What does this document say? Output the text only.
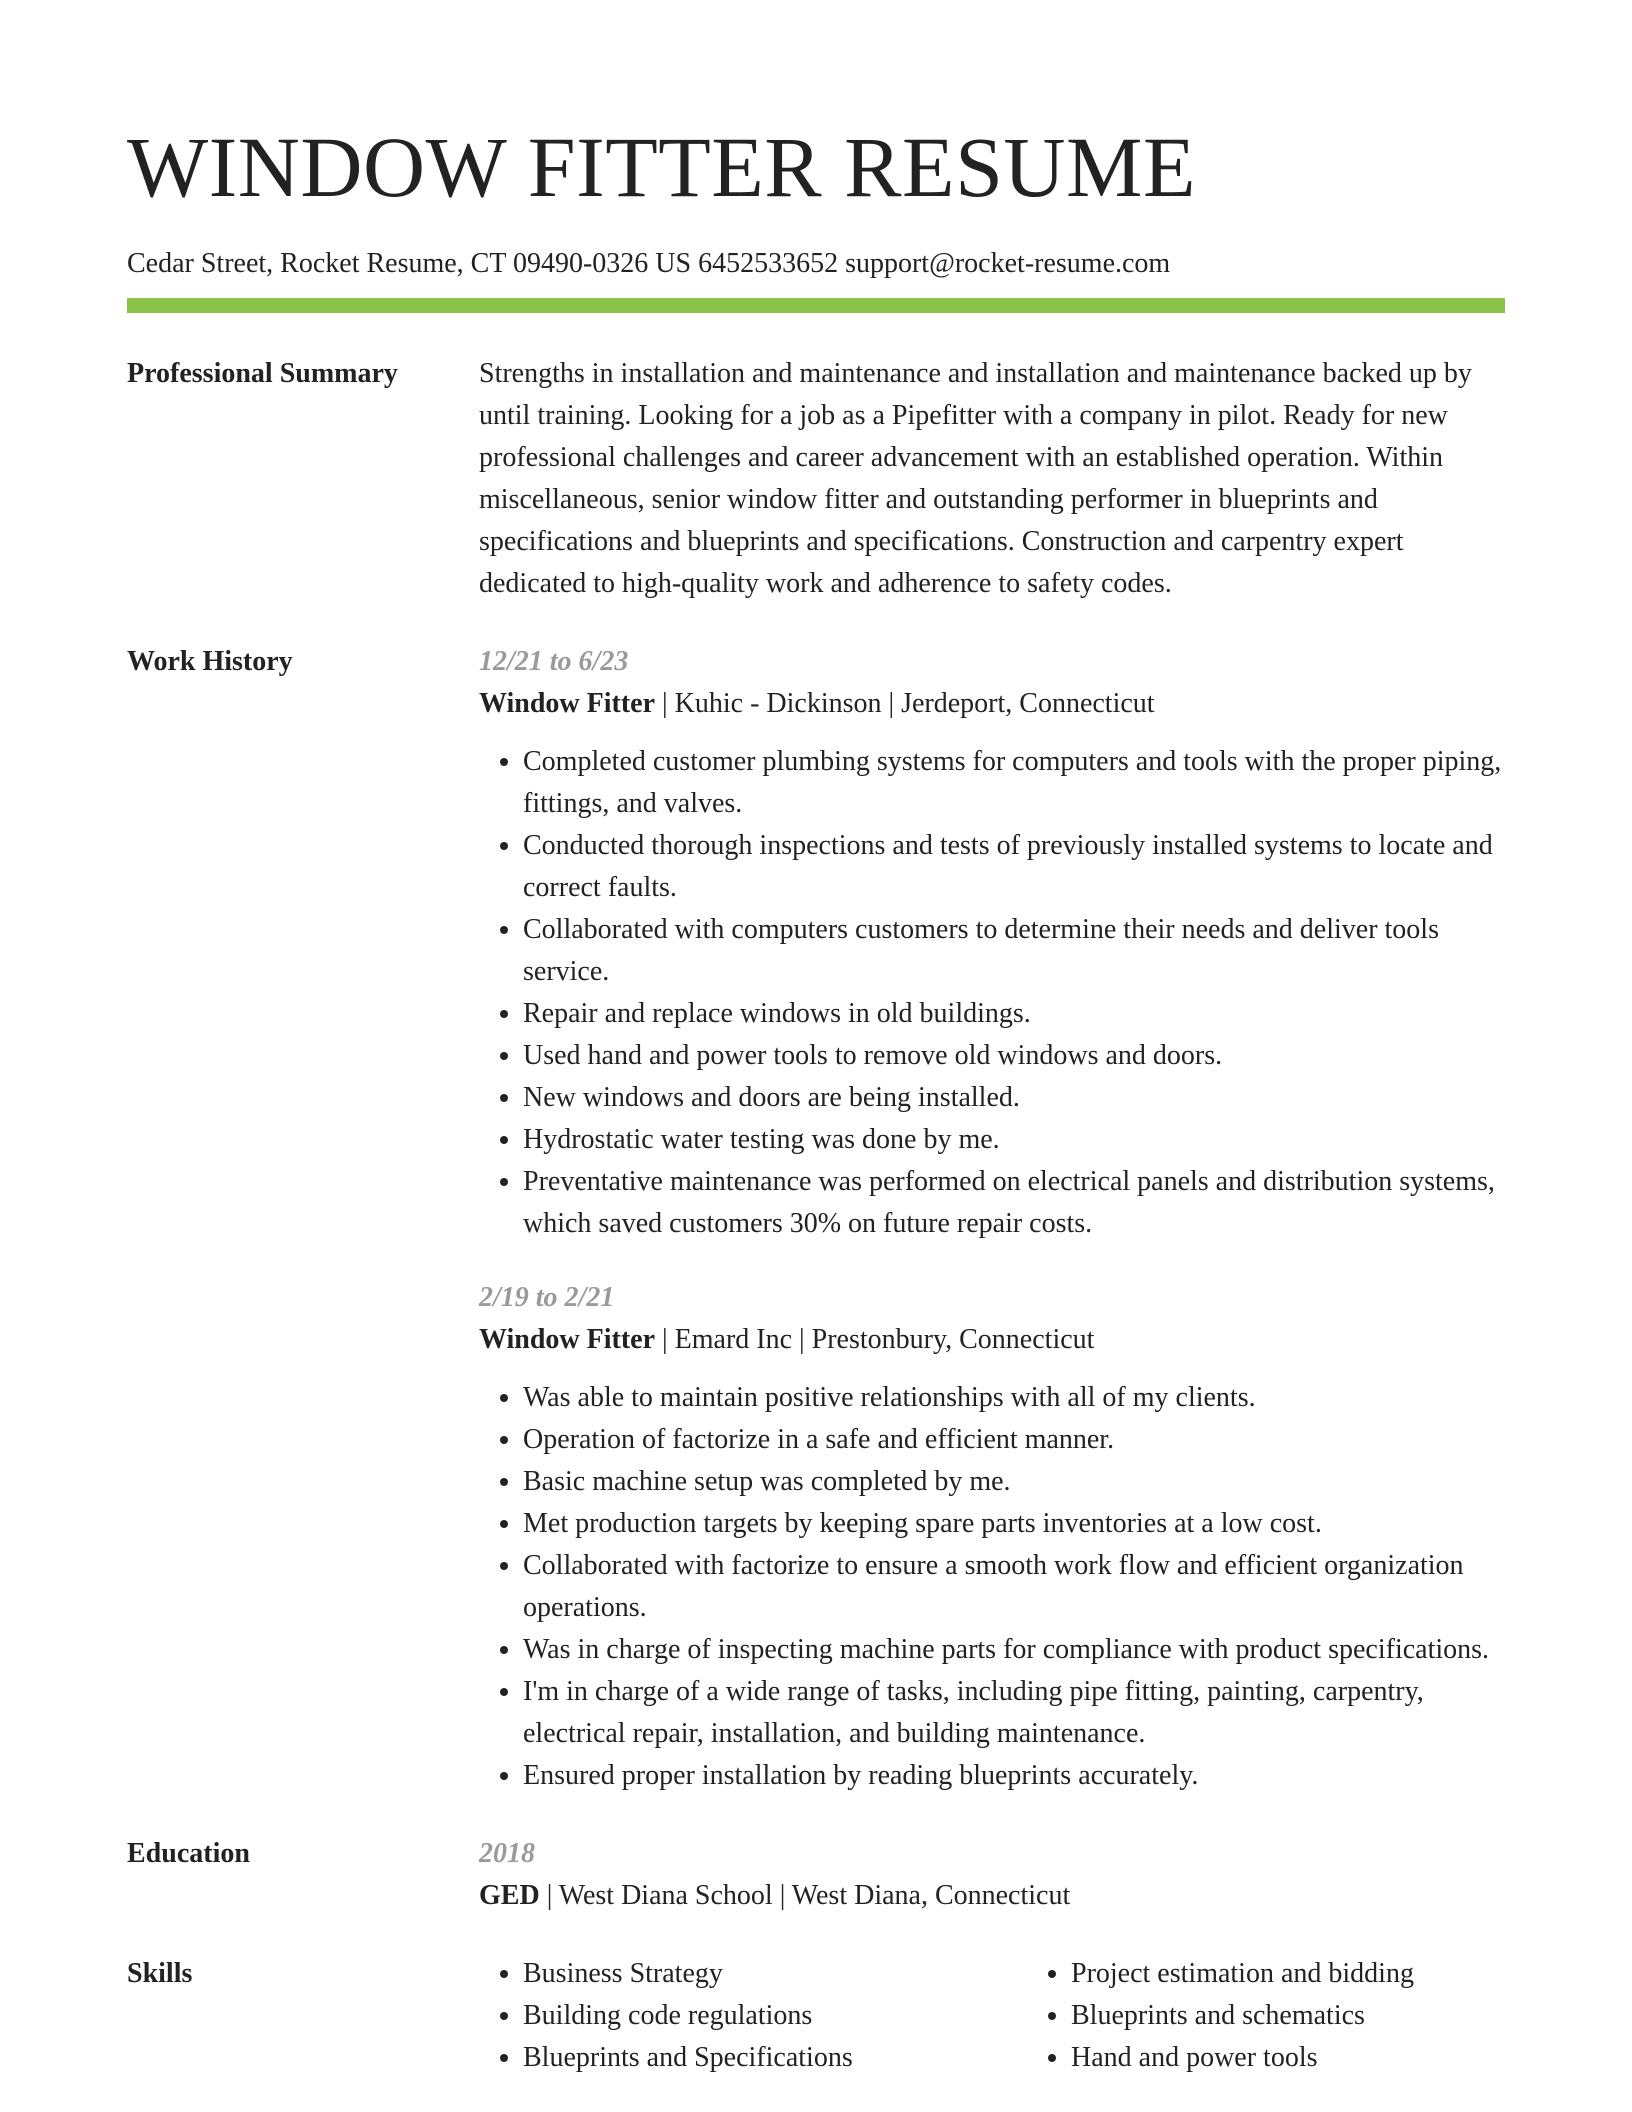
WINDOW FITTER RESUME
Cedar Street, Rocket Resume, CT 09490-0326 US 6452533652 support@rocket-resume.com
Professional Summary	Strengths in installation and maintenance and installation and maintenance backed up by until training. Looking for a job as a Pipefitter with a company in pilot. Ready for new professional challenges and career advancement with an established operation. Within miscellaneous, senior window fitter and outstanding performer in blueprints and specifications and blueprints and specifications. Construction and carpentry expert dedicated to high-quality work and adherence to safety codes.

Work History	12/21 to 6/23
Window Fitter | Kuhic - Dickinson | Jerdeport, Connecticut
• Completed customer plumbing systems for computers and tools with the proper piping, fittings, and valves.
• Conducted thorough inspections and tests of previously installed systems to locate and correct faults.
• Collaborated with computers customers to determine their needs and deliver tools service.
• Repair and replace windows in old buildings.
• Used hand and power tools to remove old windows and doors.
• New windows and doors are being installed.
• Hydrostatic water testing was done by me.
• Preventative maintenance was performed on electrical panels and distribution systems, which saved customers 30% on future repair costs.
2/19 to 2/21
Window Fitter | Emard Inc | Prestonbury, Connecticut
• Was able to maintain positive relationships with all of my clients.
• Operation of factorize in a safe and efficient manner.
• Basic machine setup was completed by me.
• Met production targets by keeping spare parts inventories at a low cost.
• Collaborated with factorize to ensure a smooth work flow and efficient organization operations.
• Was in charge of inspecting machine parts for compliance with product specifications.
• I'm in charge of a wide range of tasks, including pipe fitting, painting, carpentry, electrical repair, installation, and building maintenance.
• Ensured proper installation by reading blueprints accurately.
Education	2018
GED | West Diana School | West Diana, Connecticut
Skills
•	Business Strategy
• Building code regulations
• Blueprints and Specifications
• Project estimation and bidding
• Blueprints and schematics
• Hand and power tools
